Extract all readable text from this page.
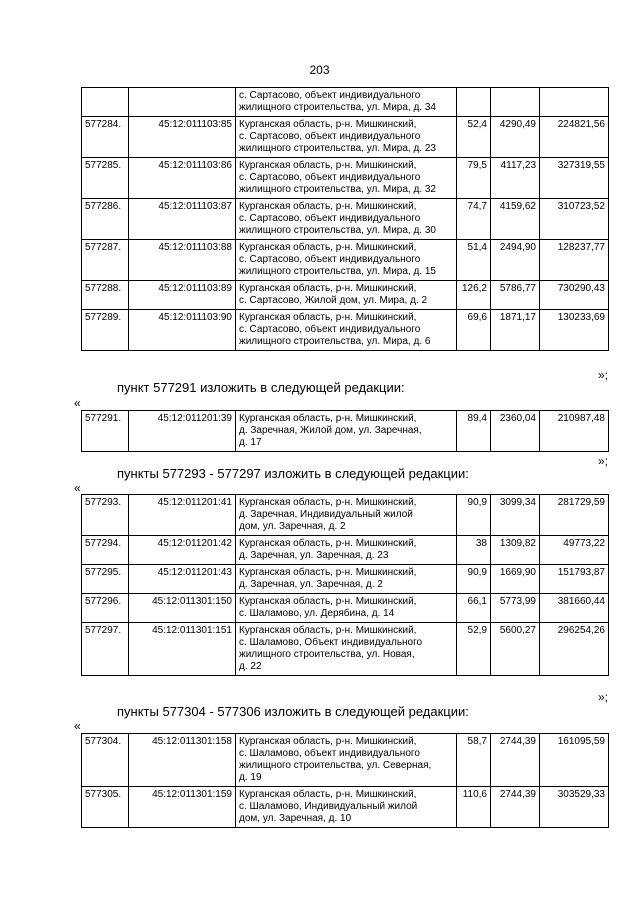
203

		с. Сартасово, объект индивидуального
жилищного строительства, ул. Мира, д. 34			

577284.	45:12:011103:85	Курганская область, р-н. Мишкинский,
с. Сартасово, объект индивидуального
жилищного строительства, ул. Мира, д. 23	52,4	4290,49	224821,56
577285.	45:12:011103:86	Курганская область, р-н. Мишкинский,
с. Сартасово, объект индивидуального
жилищного строительства, ул. Мира, д. 32	79,5	4117,23	327319,55
577286.	45:12:011103:87	Курганская область, р-н. Мишкинский,
с. Сартасово, объект индивидуального
жилищного строительства, ул. Мира, д. 30	74,7	4159,62	310723,52
577287.	45:12:011103:88	Курганская область, р-н. Мишкинский,
с. Сартасово, объект индивидуального
жилищного строительства, ул. Мира, д. 15	51,4	2494,90	128237,77
577288.	45:12:011103:89	Курганская область, р-н. Мишкинский,
с. Сартасово, Жилой дом, ул. Мира, д. 2	126,2	5786,77	730290,43
577289.	45:12:011103:90	Курганская область, р-н. Мишкинский,
с. Сартасово, объект индивидуального
жилищного строительства, ул. Мира, д. 6	69,6	1871,17	130233,69
»;
пункт 577291 изложить в следующей редакции:
«
577291.	45:12:011201:39	Курганская область, р-н. Мишкинский,
д. Заречная, Жилой дом, ул. Заречная,
д. 17
	89,4	2360,04	210987,48
»;
пункты 577293 - 577297 изложить в следующей редакции:
«
577293.	45:12:011201:41	Курганская область, р-н. Мишкинский,
д. Заречная, Индивидуальный жилой
дом, ул. Заречная, д. 2	90,9	3099,34	281729,59
577294.	45:12:011201:42	Курганская область, р-н. Мишкинский,
д. Заречная, ул. Заречная, д. 23	38	1309,82	49773,22
577295.	45:12:011201:43	Курганская область, р-н. Мишкинский,
д. Заречная, ул. Заречная, д. 2	90,9	1669,90	151793,87
577296.	45:12:011301:150	Курганская область, р-н. Мишкинский,
с. Шаламово, ул. Дерябина, д. 14	66,1	5773,99	381660,44
577297.	45:12:011301:151	Курганская область, р-н. Мишкинский,
с. Шаламово, Объект индивидуального
жилищного строительства, ул. Новая,
д. 22	52,9	5600,27	296254,26
»;
пункты 577304 - 577306 изложить в следующей редакции:
«
577304.	45:12:011301:158	Курганская область, р-н. Мишкинский,
с. Шаламово, объект индивидуального
жилищного строительства, ул. Северная,
д. 19	58,7	2744,39	161095,59
577305.	45:12:011301:159	Курганская область, р-н. Мишкинский,
с. Шаламово, Индивидуальный жилой
дом, ул. Заречная, д. 10	110,6	2744,39	303529,33
